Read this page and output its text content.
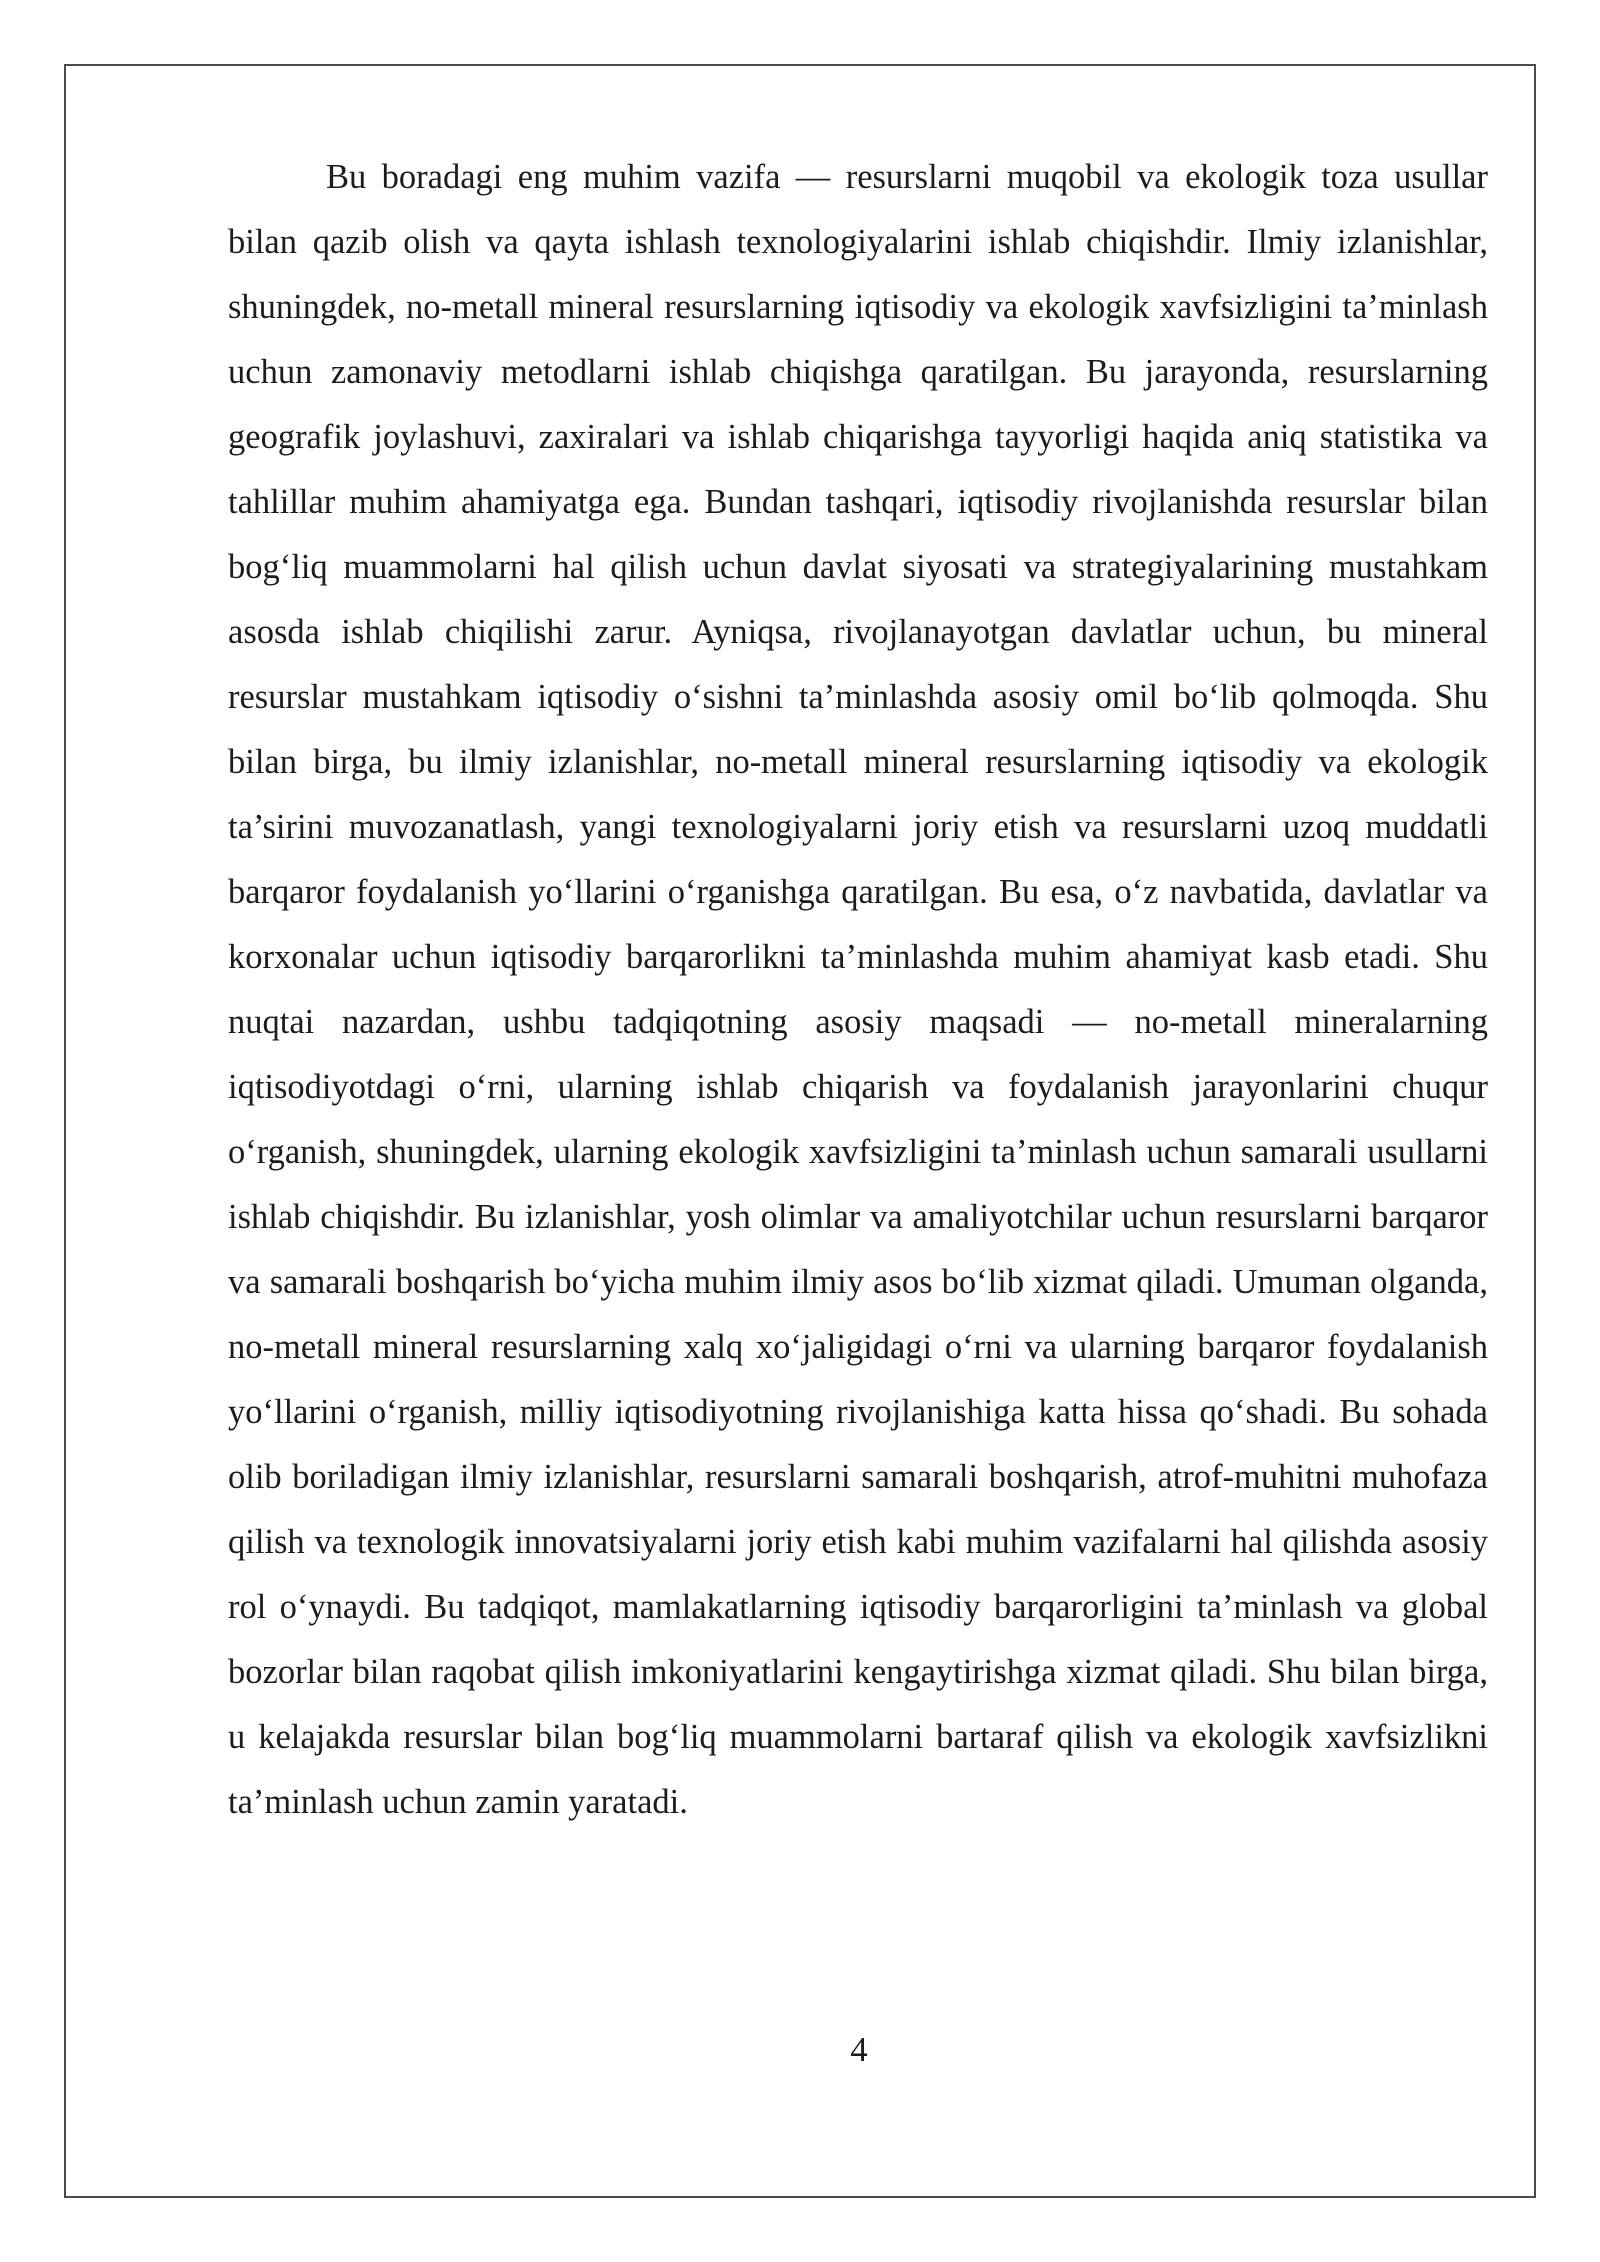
Bu boradagi eng muhim vazifa — resurslarni muqobil va ekologik toza usullar bilan qazib olish va qayta ishlash texnologiyalarini ishlab chiqishdir. Ilmiy izlanishlar, shuningdek, no-metall mineral resurslarning iqtisodiy va ekologik xavfsizligini ta’minlash uchun zamonaviy metodlarni ishlab chiqishga qaratilgan. Bu jarayonda, resurslarning geografik joylashuvi, zaxiralari va ishlab chiqarishga tayyorligi haqida aniq statistika va tahlillar muhim ahamiyatga ega. Bundan tashqari, iqtisodiy rivojlanishda resurslar bilan bog‘liq muammolarni hal qilish uchun davlat siyosati va strategiyalarining mustahkam asosda ishlab chiqilishi zarur. Ayniqsa, rivojlanayotgan davlatlar uchun, bu mineral resurslar mustahkam iqtisodiy o‘sishni ta’minlashda asosiy omil bo‘lib qolmoqda. Shu bilan birga, bu ilmiy izlanishlar, no-metall mineral resurslarning iqtisodiy va ekologik ta’sirini muvozanatlash, yangi texnologiyalarni joriy etish va resurslarni uzoq muddatli barqaror foydalanish yo‘llarini o‘rganishga qaratilgan. Bu esa, o‘z navbatida, davlatlar va korxonalar uchun iqtisodiy barqarorlikni ta’minlashda muhim ahamiyat kasb etadi. Shu nuqtai nazardan, ushbu tadqiqotning asosiy maqsadi — no-metall mineralarning iqtisodiyotdagi o‘rni, ularning ishlab chiqarish va foydalanish jarayonlarini chuqur o‘rganish, shuningdek, ularning ekologik xavfsizligini ta’minlash uchun samarali usullarni ishlab chiqishdir. Bu izlanishlar, yosh olimlar va amaliyotchilar uchun resurslarni barqaror va samarali boshqarish bo‘yicha muhim ilmiy asos bo‘lib xizmat qiladi. Umuman olganda, no-metall mineral resurslarning xalq xo‘jaligidagi o‘rni va ularning barqaror foydalanish yo‘llarini o‘rganish, milliy iqtisodiyotning rivojlanishiga katta hissa qo‘shadi. Bu sohada olib boriladigan ilmiy izlanishlar, resurslarni samarali boshqarish, atrof-muhitni muhofaza qilish va texnologik innovatsiyalarni joriy etish kabi muhim vazifalarni hal qilishda asosiy rol o‘ynaydi. Bu tadqiqot, mamlakatlarning iqtisodiy barqarorligini ta’minlash va global bozorlar bilan raqobat qilish imkoniyatlarini kengaytirishga xizmat qiladi. Shu bilan birga, u kelajakda resurslar bilan bog‘liq muammolarni bartaraf qilish va ekologik xavfsizlikni ta’minlash uchun zamin yaratadi.

4
